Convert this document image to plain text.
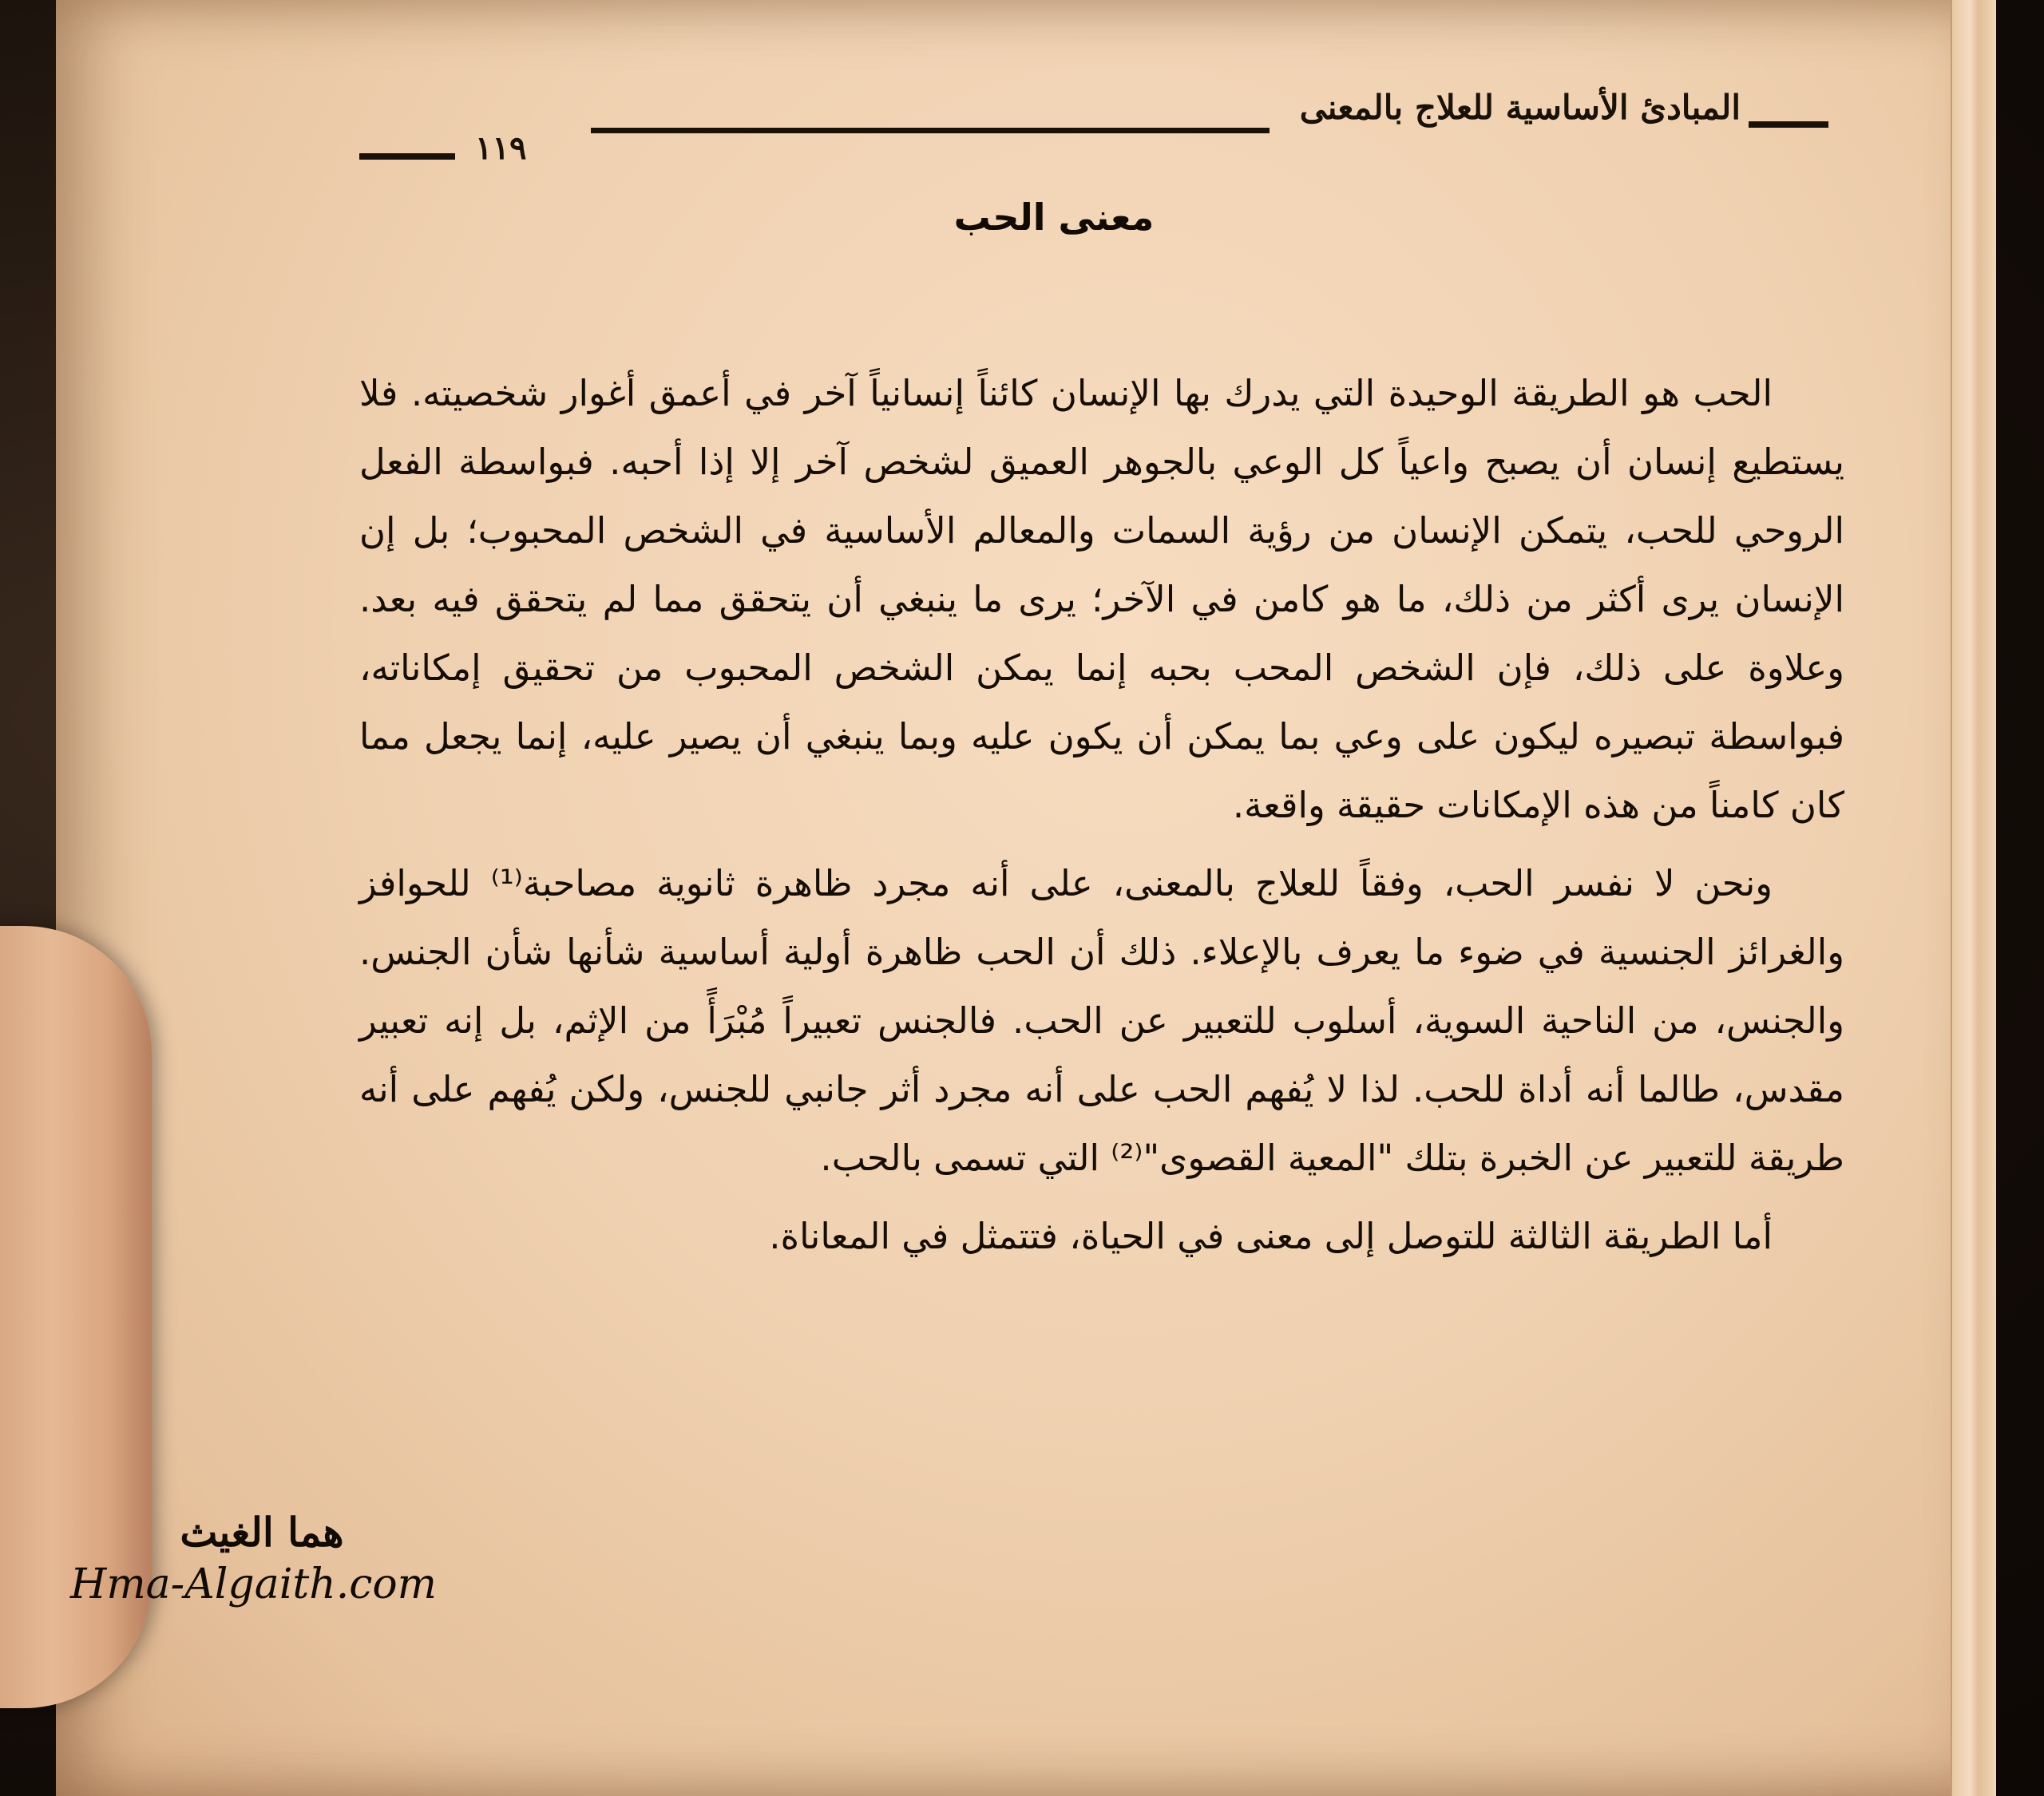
المبادئ الأساسية للعلاج بالمعنى
١١٩
معنى الحب

الحب هو الطريقة الوحيدة التي يدرك بها الإنسان كائناً إنسانياً آخر في أعمق أغوار شخصيته. فلا يستطيع إنسان أن يصبح واعياً كل الوعي بالجوهر العميق لشخص آخر إلا إذا أحبه. فبواسطة الفعل الروحي للحب، يتمكن الإنسان من رؤية السمات والمعالم الأساسية في الشخص المحبوب؛ بل إن الإنسان يرى أكثر من ذلك، ما هو كامن في الآخر؛ يرى ما ينبغي أن يتحقق مما لم يتحقق فيه بعد. وعلاوة على ذلك، فإن الشخص المحب بحبه إنما يمكن الشخص المحبوب من تحقيق إمكاناته، فبواسطة تبصيره ليكون على وعي بما يمكن أن يكون عليه وبما ينبغي أن يصير عليه، إنما يجعل مما كان كامناً من هذه الإمكانات حقيقة واقعة.

ونحن لا نفسر الحب، وفقاً للعلاج بالمعنى، على أنه مجرد ظاهرة ثانوية مصاحبة⁽¹⁾ للحوافز والغرائز الجنسية في ضوء ما يعرف بالإعلاء. ذلك أن الحب ظاهرة أولية أساسية شأنها شأن الجنس. والجنس، من الناحية السوية، أسلوب للتعبير عن الحب. فالجنس تعبيراً مُبْرَأً من الإثم، بل إنه تعبير مقدس، طالما أنه أداة للحب. لذا لا يُفهم الحب على أنه مجرد أثر جانبي للجنس، ولكن يُفهم على أنه طريقة للتعبير عن الخبرة بتلك "المعية القصوى"⁽²⁾ التي تسمى بالحب.

أما الطريقة الثالثة للتوصل إلى معنى في الحياة، فتتمثل في المعاناة.

هما الغيث
Hma-Algaith.com
